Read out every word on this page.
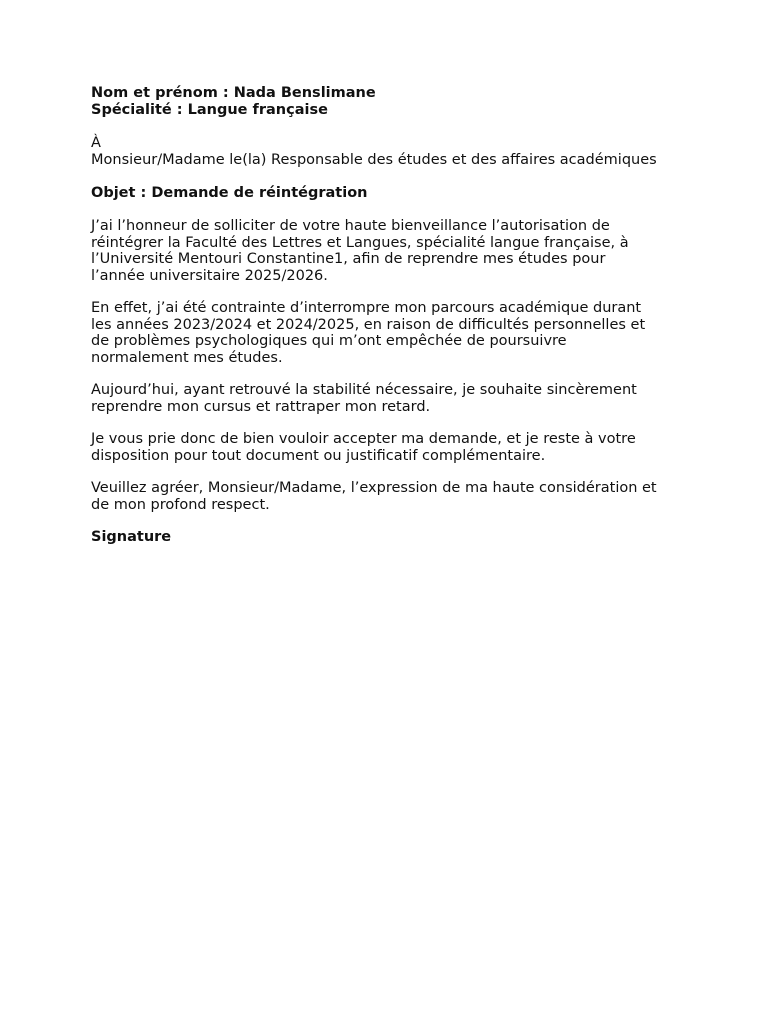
Nom et prénom : Nada Benslimane
Spécialité : Langue française
À
Monsieur/Madame le(la) Responsable des études et des affaires académiques
Objet : Demande de réintégration
J’ai l’honneur de solliciter de votre haute bienveillance l’autorisation de
réintégrer la Faculté des Lettres et Langues, spécialité langue française, à
l’Université Mentouri Constantine1, afin de reprendre mes études pour
l’année universitaire 2025/2026.
En effet, j’ai été contrainte d’interrompre mon parcours académique durant
les années 2023/2024 et 2024/2025, en raison de difficultés personnelles et
de problèmes psychologiques qui m’ont empêchée de poursuivre
normalement mes études.
Aujourd’hui, ayant retrouvé la stabilité nécessaire, je souhaite sincèrement
reprendre mon cursus et rattraper mon retard.
Je vous prie donc de bien vouloir accepter ma demande, et je reste à votre
disposition pour tout document ou justificatif complémentaire.
Veuillez agréer, Monsieur/Madame, l’expression de ma haute considération et
de mon profond respect.
Signature
